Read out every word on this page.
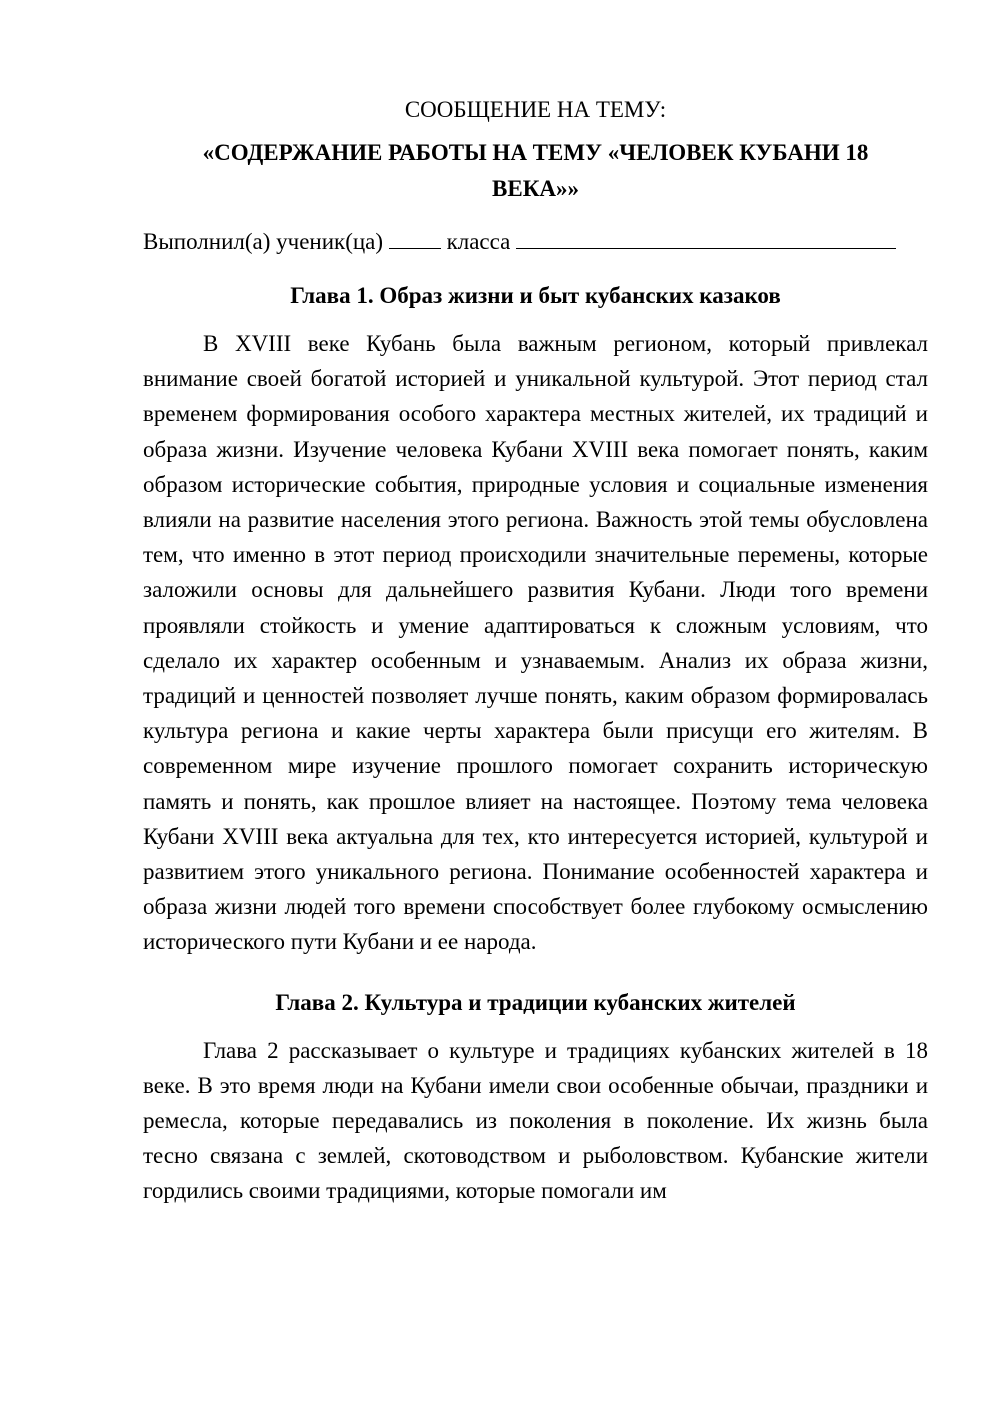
СООБЩЕНИЕ НА ТЕМУ:
«СОДЕРЖАНИЕ РАБОТЫ НА ТЕМУ «ЧЕЛОВЕК КУБАНИ 18 ВЕКА»»
Выполнил(а) ученик(ца)	класса
Глава 1. Образ жизни и быт кубанских казаков

В XVIII веке Кубань была важным регионом, который привлекал внимание своей богатой историей и уникальной культурой. Этот период стал временем формирования особого характера местных жителей, их традиций и образа жизни. Изучение человека Кубани XVIII века помогает понять, каким образом исторические события, природные условия и социальные изменения влияли на развитие населения этого региона. Важность этой темы обусловлена тем, что именно в этот период происходили значительные перемены, которые заложили основы для дальнейшего развития Кубани. Люди того времени проявляли стойкость и умение адаптироваться к сложным условиям, что сделало их характер особенным и узнаваемым. Анализ их образа жизни, традиций и ценностей позволяет лучше понять, каким образом формировалась культура региона и какие черты характера были присущи его жителям. В современном мире изучение прошлого помогает сохранить историческую память и понять, как прошлое влияет на настоящее. Поэтому тема человека Кубани XVIII века актуальна для тех, кто интересуется историей, культурой и развитием этого уникального региона. Понимание особенностей характера и образа жизни людей того времени способствует более глубокому осмыслению исторического пути Кубани и ее народа.

Глава 2. Культура и традиции кубанских жителей

Глава 2 рассказывает о культуре и традициях кубанских жителей в 18 веке. В это время люди на Кубани имели свои особенные обычаи, праздники и ремесла, которые передавались из поколения в поколение. Их жизнь была тесно связана с землей, скотоводством и рыболовством. Кубанские жители гордились своими традициями, которые помогали им
